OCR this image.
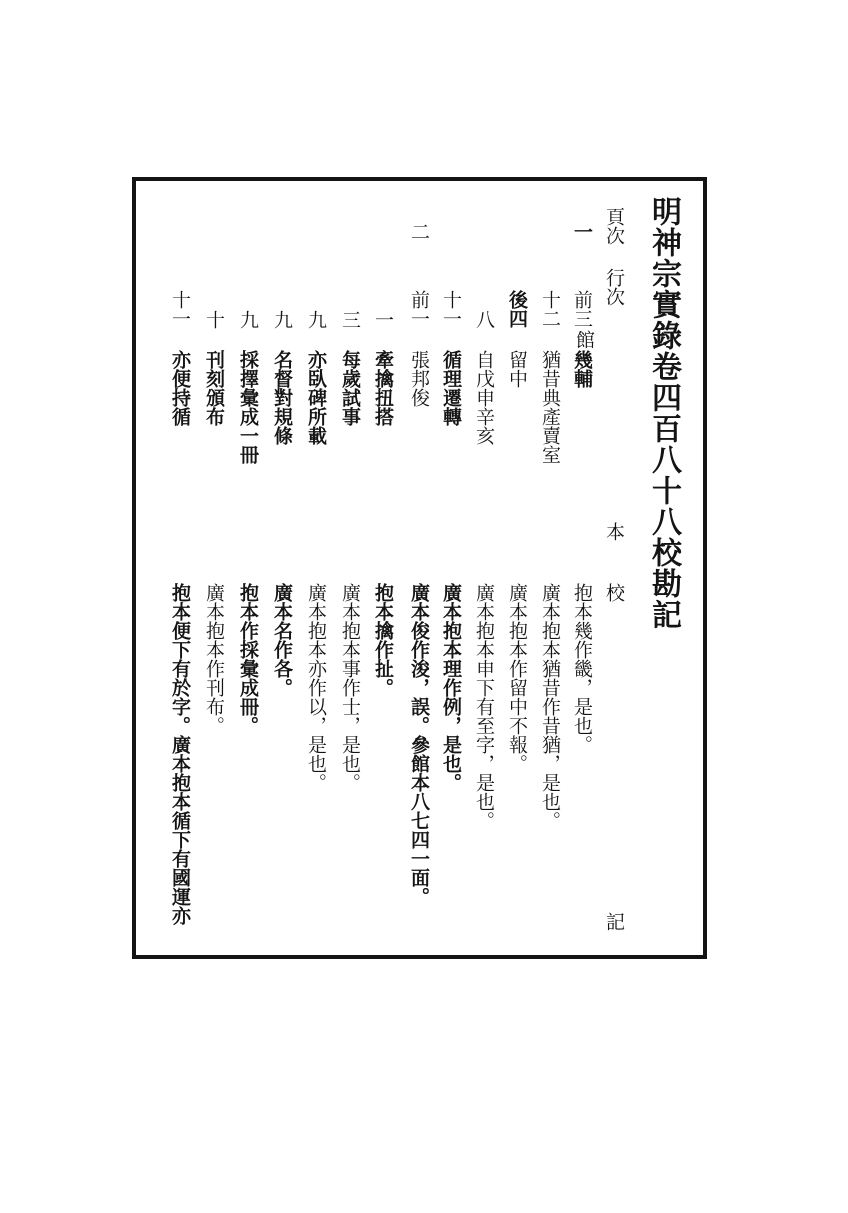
明神宗實錄卷四百八十八校勘記
頁次
行次
本
校
記
館
一
前三
幾輔
抱本幾作畿，是也。
十二
猶昔典產賣室
廣本抱本猶昔作昔猶，是也。
後四
留中
廣本抱本作留中不報。
八
自戊申辛亥
廣本抱本申下有至字，是也。
十一
循理遷轉
廣本抱本理作例，是也。
二
前一
張邦俊
廣本俊作浚，誤。參館本八七四一面。
一
牽擒扭搭
抱本擒作扯。
三
每歲試事
廣本抱本事作士，是也。
九
亦臥碑所載
廣本抱本亦作以，是也。
九
名督對規條
廣本名作各。
九
採擇彙成一冊
抱本作採彙成冊。
十
刊刻頒布
廣本抱本作刊布。
十一
亦便持循
抱本便下有於字。廣本抱本循下有國運亦
